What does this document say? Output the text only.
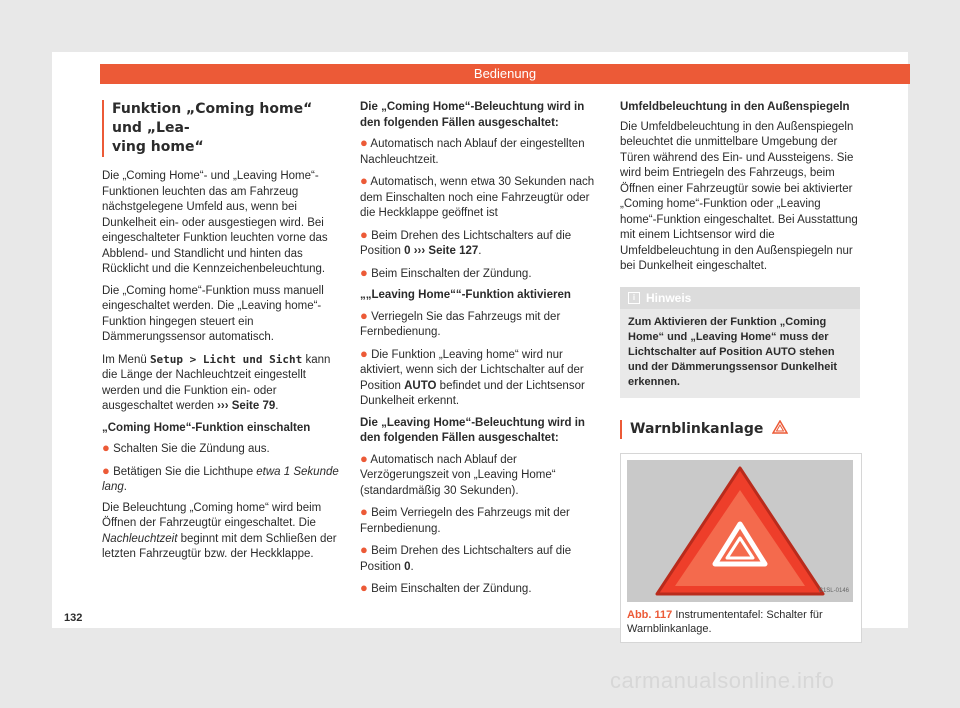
Bedienung
Funktion „Coming home“ und „Lea-
ving home“

Die „Coming Home“- und „Leaving Home“-Funktionen leuchten das am Fahrzeug nächstgelegene Umfeld aus, wenn bei Dunkelheit ein- oder ausgestiegen wird. Bei eingeschalteter Funktion leuchten vorne das Abblend- und Standlicht und hinten das Rücklicht und die Kennzeichenbeleuchtung.

Die „Coming home“-Funktion muss manuell eingeschaltet werden. Die „Leaving home“-Funktion hingegen steuert ein Dämmerungssensor automatisch.

Im Menü Setup > Licht und Sicht kann die Länge der Nachleuchtzeit eingestellt werden und die Funktion ein- oder ausgeschaltet werden ››› Seite 79.

„Coming Home“-Funktion einschalten

● Schalten Sie die Zündung aus.

● Betätigen Sie die Lichthupe etwa 1 Sekunde lang.

Die Beleuchtung „Coming home“ wird beim Öffnen der Fahrzeugtür eingeschaltet. Die Nachleuchtzeit beginnt mit dem Schließen der letzten Fahrzeugtür bzw. der Heckklappe.

Die „Coming Home“-Beleuchtung wird in den folgenden Fällen ausgeschaltet:

● Automatisch nach Ablauf der eingestellten Nachleuchtzeit.

● Automatisch, wenn etwa 30 Sekunden nach dem Einschalten noch eine Fahrzeugtür oder die Heckklappe geöffnet ist

● Beim Drehen des Lichtschalters auf die Position 0 ››› Seite 127.

● Beim Einschalten der Zündung.

„„Leaving Home““-Funktion aktivieren

● Verriegeln Sie das Fahrzeugs mit der Fernbedienung.

● Die Funktion „Leaving home“ wird nur aktiviert, wenn sich der Lichtschalter auf der Position AUTO befindet und der Lichtsensor Dunkelheit erkennt.

Die „Leaving Home“-Beleuchtung wird in den folgenden Fällen ausgeschaltet:

● Automatisch nach Ablauf der Verzögerungszeit von „Leaving Home“ (standardmäßig 30 Sekunden).

● Beim Verriegeln des Fahrzeugs mit der Fernbedienung.

● Beim Drehen des Lichtschalters auf die Position 0.

● Beim Einschalten der Zündung.

Umfeldbeleuchtung in den Außenspiegeln

Die Umfeldbeleuchtung in den Außenspiegeln beleuchtet die unmittelbare Umgebung der Türen während des Ein- und Aussteigens. Sie wird beim Entriegeln des Fahrzeugs, beim Öffnen einer Fahrzeugtür sowie bei aktivierter „Coming home“-Funktion oder „Leaving home“-Funktion eingeschaltet. Bei Ausstattung mit einem Lichtsensor wird die Umfeldbeleuchtung in den Außenspiegeln nur bei Dunkelheit eingeschaltet.

i Hinweis
Zum Aktivieren der Funktion „Coming Home“ und „Leaving Home“ muss der Lichtschalter auf Position AUTO stehen und der Dämmerungssensor Dunkelheit erkennen.
Warnblinkanlage
B1SL-0146
Abb. 117 Instrumententafel: Schalter für Warnblinkanlage.
132
carmanualsonline.info
